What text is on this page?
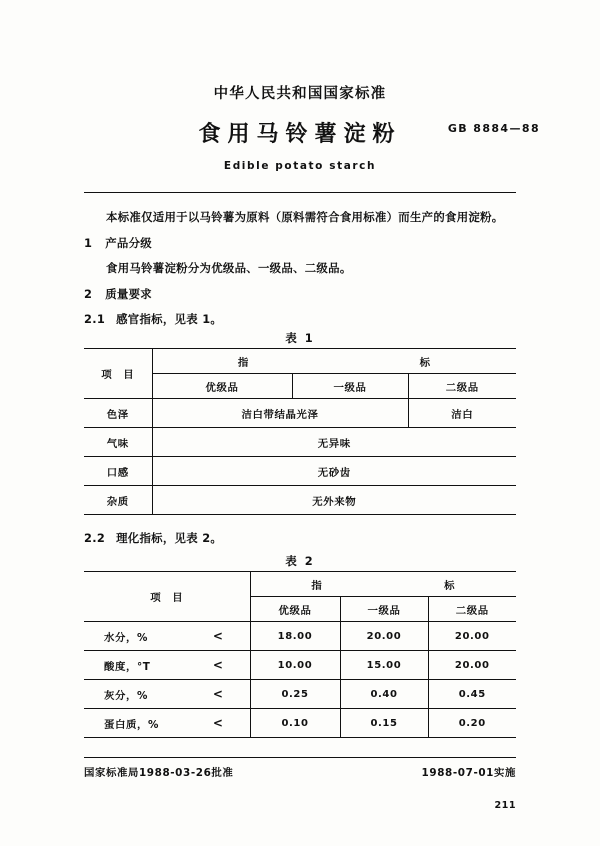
中华人民共和国国家标准
食用马铃薯淀粉	GB 8884—88
Edible potato starch
本标准仅适用于以马铃薯为原料（原料需符合食用标准）而生产的食用淀粉。
1 产品分级
食用马铃薯淀粉分为优级品、一级品、二级品。
2 质量要求
2.1 感官指标，见表 1。
表 1
项　目	指 标		

	优级品	一级品	二级品
色泽	洁白带结晶光泽		洁白
气味	无异味		
口感	无砂齿		
杂质	无外来物		
2.2 理化指标，见表 2。
表 2
项　目	指 标		

	优级品	一级品	二级品

水分，% <	18.00	20.00	20.00

酸度，°T <	10.00	15.00	20.00

灰分，% <	0.25	0.40	0.45

蛋白质，% <	0.10	0.15	0.20
国家标准局1988-03-26批准	1988-07-01实施
211
